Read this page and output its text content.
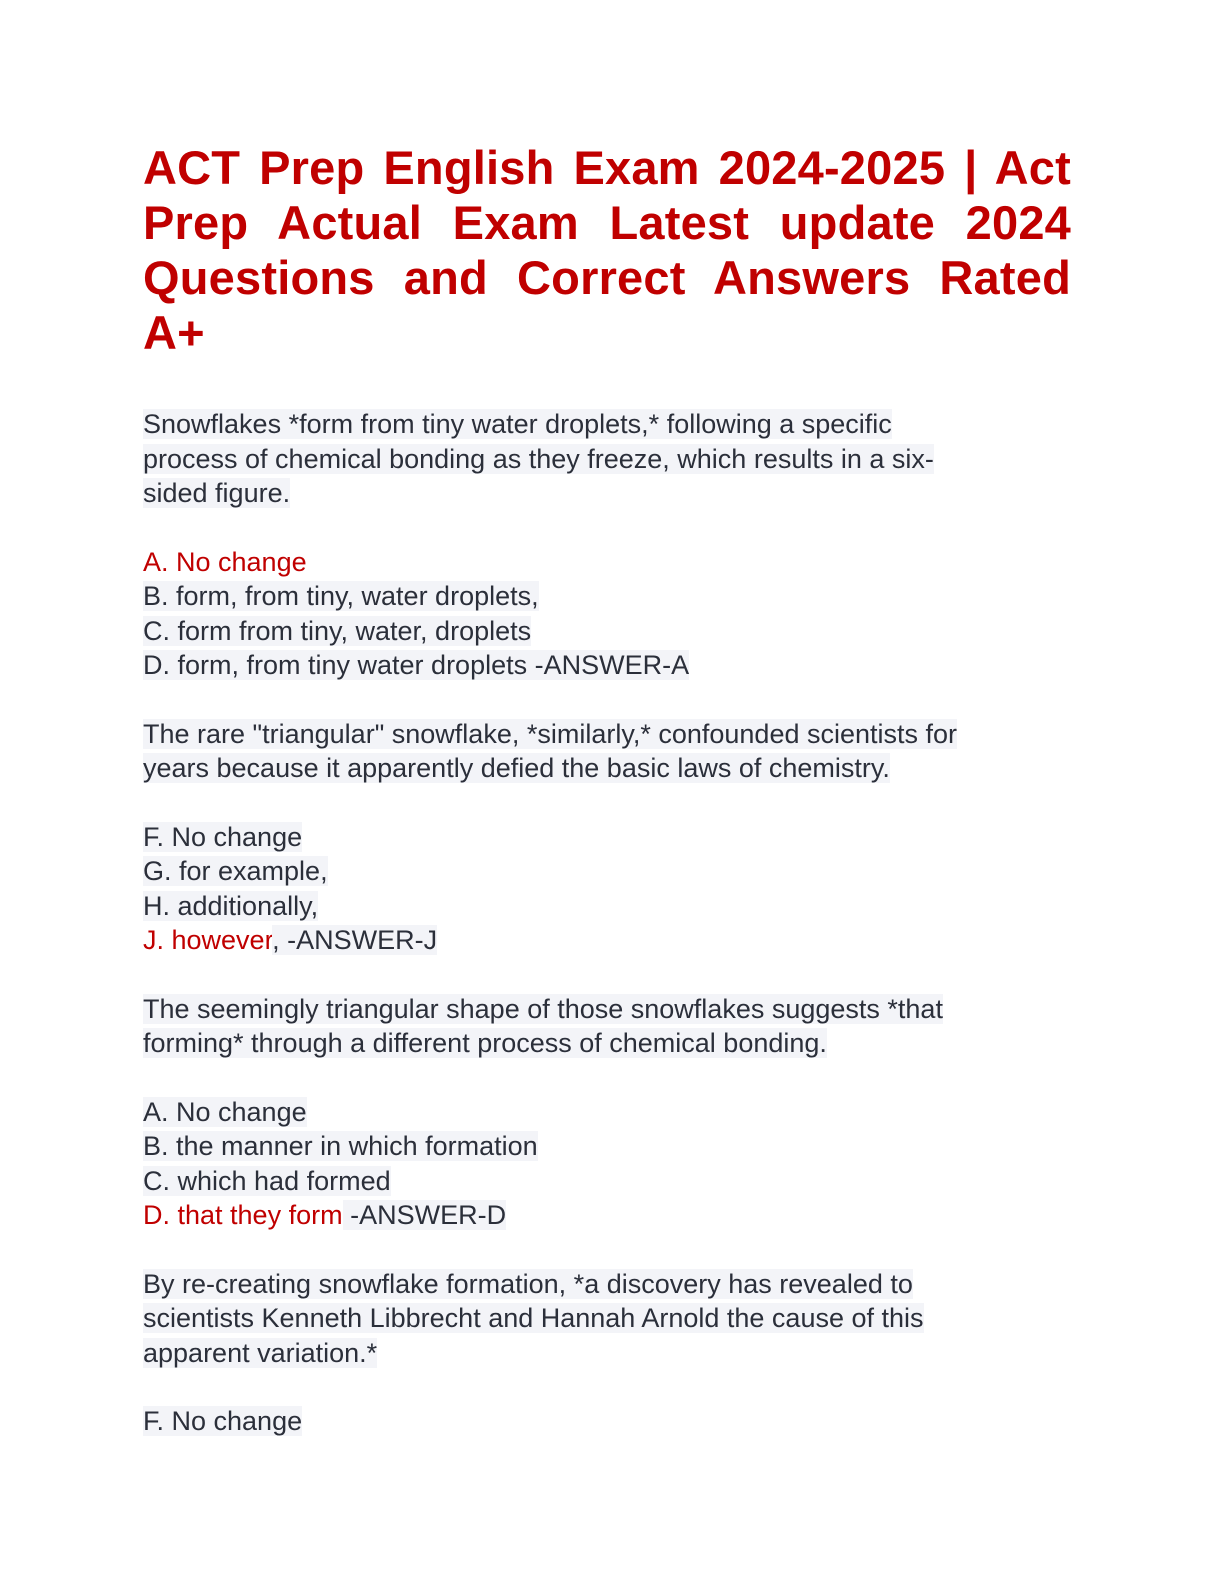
ACT Prep English Exam 2024-2025 | Act Prep Actual Exam Latest update 2024 Questions and Correct Answers Rated A+

Snowflakes *form from tiny water droplets,* following a specific
process of chemical bonding as they freeze, which results in a six-
sided figure.

A. No change

B. form, from tiny, water droplets,

C. form from tiny, water, droplets

D. form, from tiny water droplets -ANSWER-A

The rare "triangular" snowflake, *similarly,* confounded scientists for
years because it apparently defied the basic laws of chemistry.

F. No change

G. for example,

H. additionally,

J. however, -ANSWER-J

The seemingly triangular shape of those snowflakes suggests *that
forming* through a different process of chemical bonding.

A. No change

B. the manner in which formation

C. which had formed

D. that they form -ANSWER-D

By re-creating snowflake formation, *a discovery has revealed to
scientists Kenneth Libbrecht and Hannah Arnold the cause of this
apparent variation.*

F. No change
